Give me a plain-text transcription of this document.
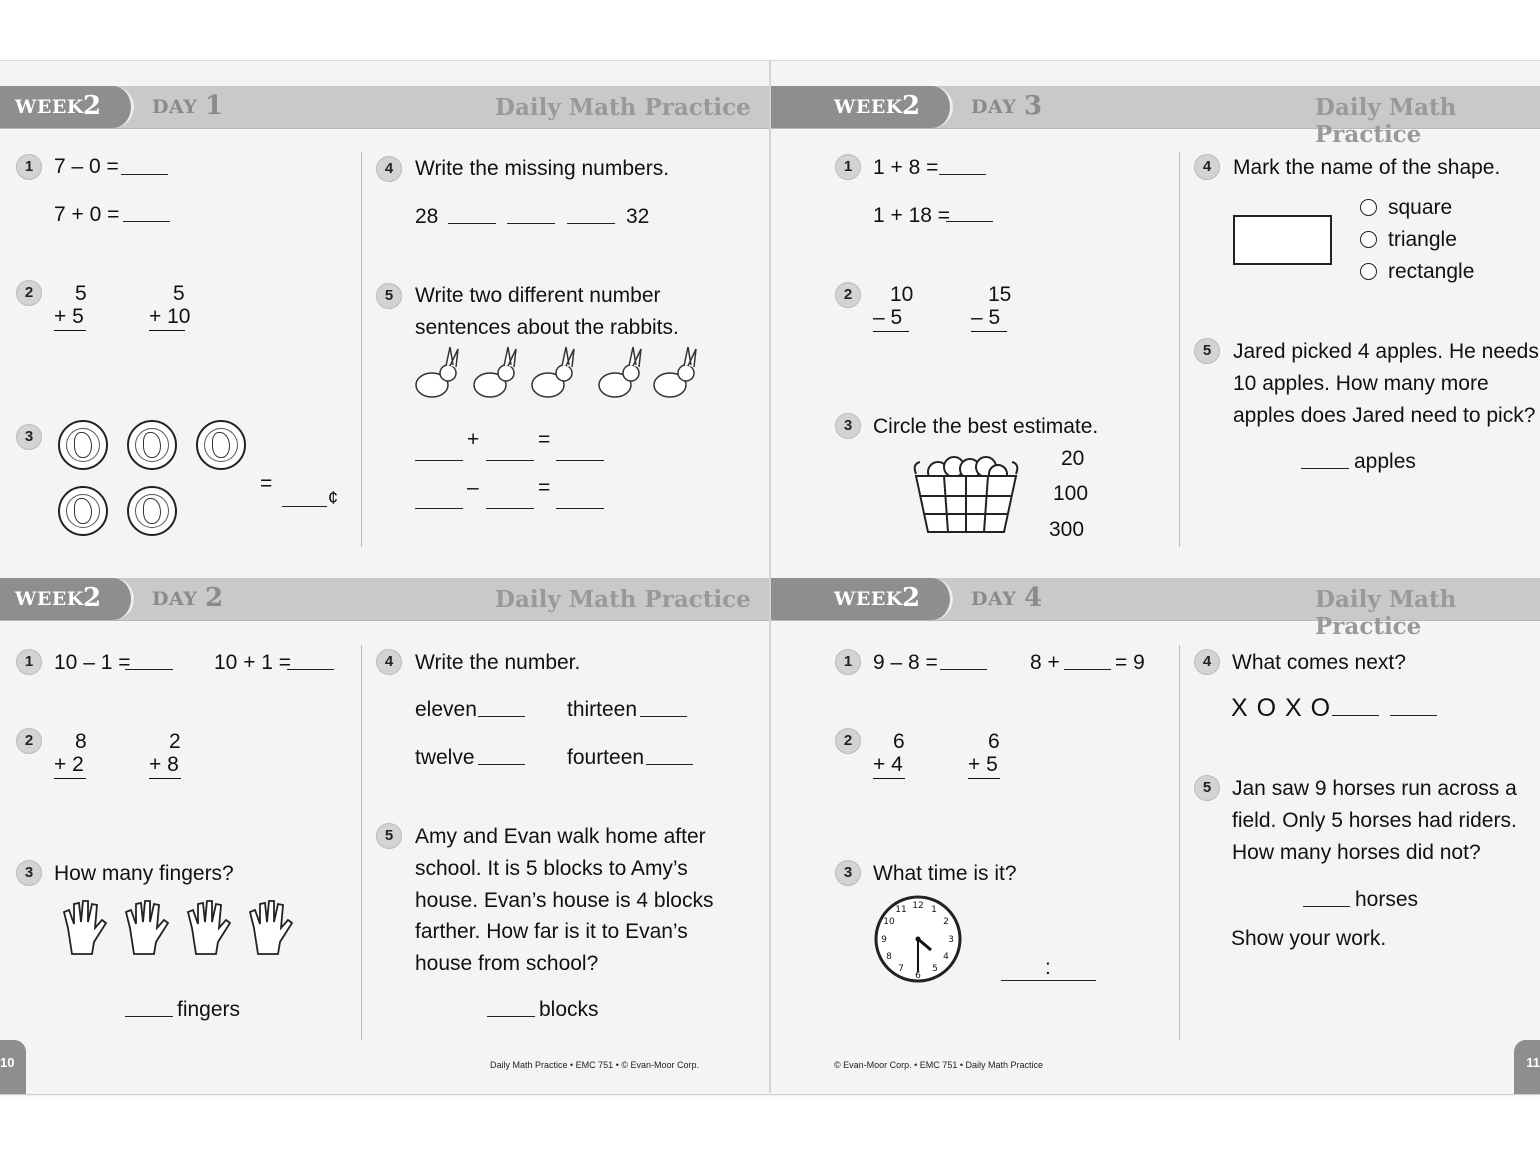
WEEK 2	DAY 1	Daily Math Practice	WEEK 2	DAY 3	Daily Math Practice
WEEK 2	DAY 2	Daily Math Practice	WEEK 2	DAY 4	Daily Math Practice
1 7 – 0 =
7 + 0 =
2	5
+ 5
5
+ 10
3
=
¢
4	Write the missing numbers.
28	32
5	Write two different number
sentences about the rabbits.
+	=
–	=
1 1 + 8 =
1 + 18 =
2	10
– 5
15
– 5
3 Circle the best estimate.
20
100
300
4	Mark the name of the shape.
square
triangle
rectangle
5	Jared picked 4 apples. He needs
10 apples. How many more
apples does Jared need to pick?
apples
1 10 – 1 =	10 + 1 =
2	8
+ 2
2
+ 8
3 How many fingers?
fingers
4	Write the number.
eleven	thirteen
twelve	fourteen
5	Amy and Evan walk home after
school. It is 5 blocks to Amy’s
house. Evan’s house is 4 blocks
farther. How far is it to Evan’s
house from school?
blocks
1 9 – 8 =	8 +	= 9
2	6
+ 4
6
+ 5
3 What time is it?
12 1
2
3
4
5
6
7
8
9
10
11
:
4 What comes next?
X O X O
5 Jan saw 9 horses run across a
field. Only 5 horses had riders.
How many horses did not?
horses
Show your work.
10	11
Daily Math Practice • EMC 751 • © Evan-Moor Corp.	© Evan-Moor Corp. • EMC 751 • Daily Math Practice
